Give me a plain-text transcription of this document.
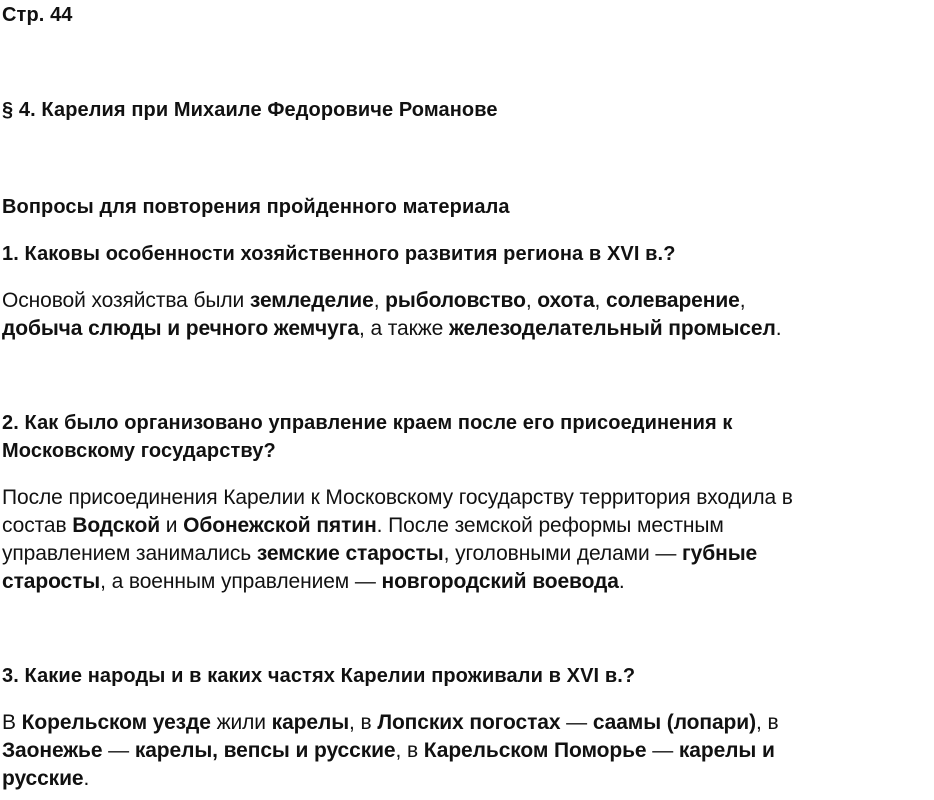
Стр. 44
§ 4. Карелия при Михаиле Федоровиче Романове
Вопросы для повторения пройденного материала
1. Каковы особенности хозяйственного развития региона в XVI в.?
Основой хозяйства были земледелие, рыболовство, охота, солеварение,
добыча слюды и речного жемчуга, а также железоделательный промысел.
2. Как было организовано управление краем после его присоединения к
Московскому государству?
После присоединения Карелии к Московскому государству территория входила в
состав Водской и Обонежской пятин. После земской реформы местным
управлением занимались земские старосты, уголовными делами — губные
старосты, а военным управлением — новгородский воевода.
3. Какие народы и в каких частях Карелии проживали в XVI в.?
В Корельском уезде жили карелы, в Лопских погостах — саамы (лопари), в
Заонежье — карелы, вепсы и русские, в Карельском Поморье — карелы и
русские.
